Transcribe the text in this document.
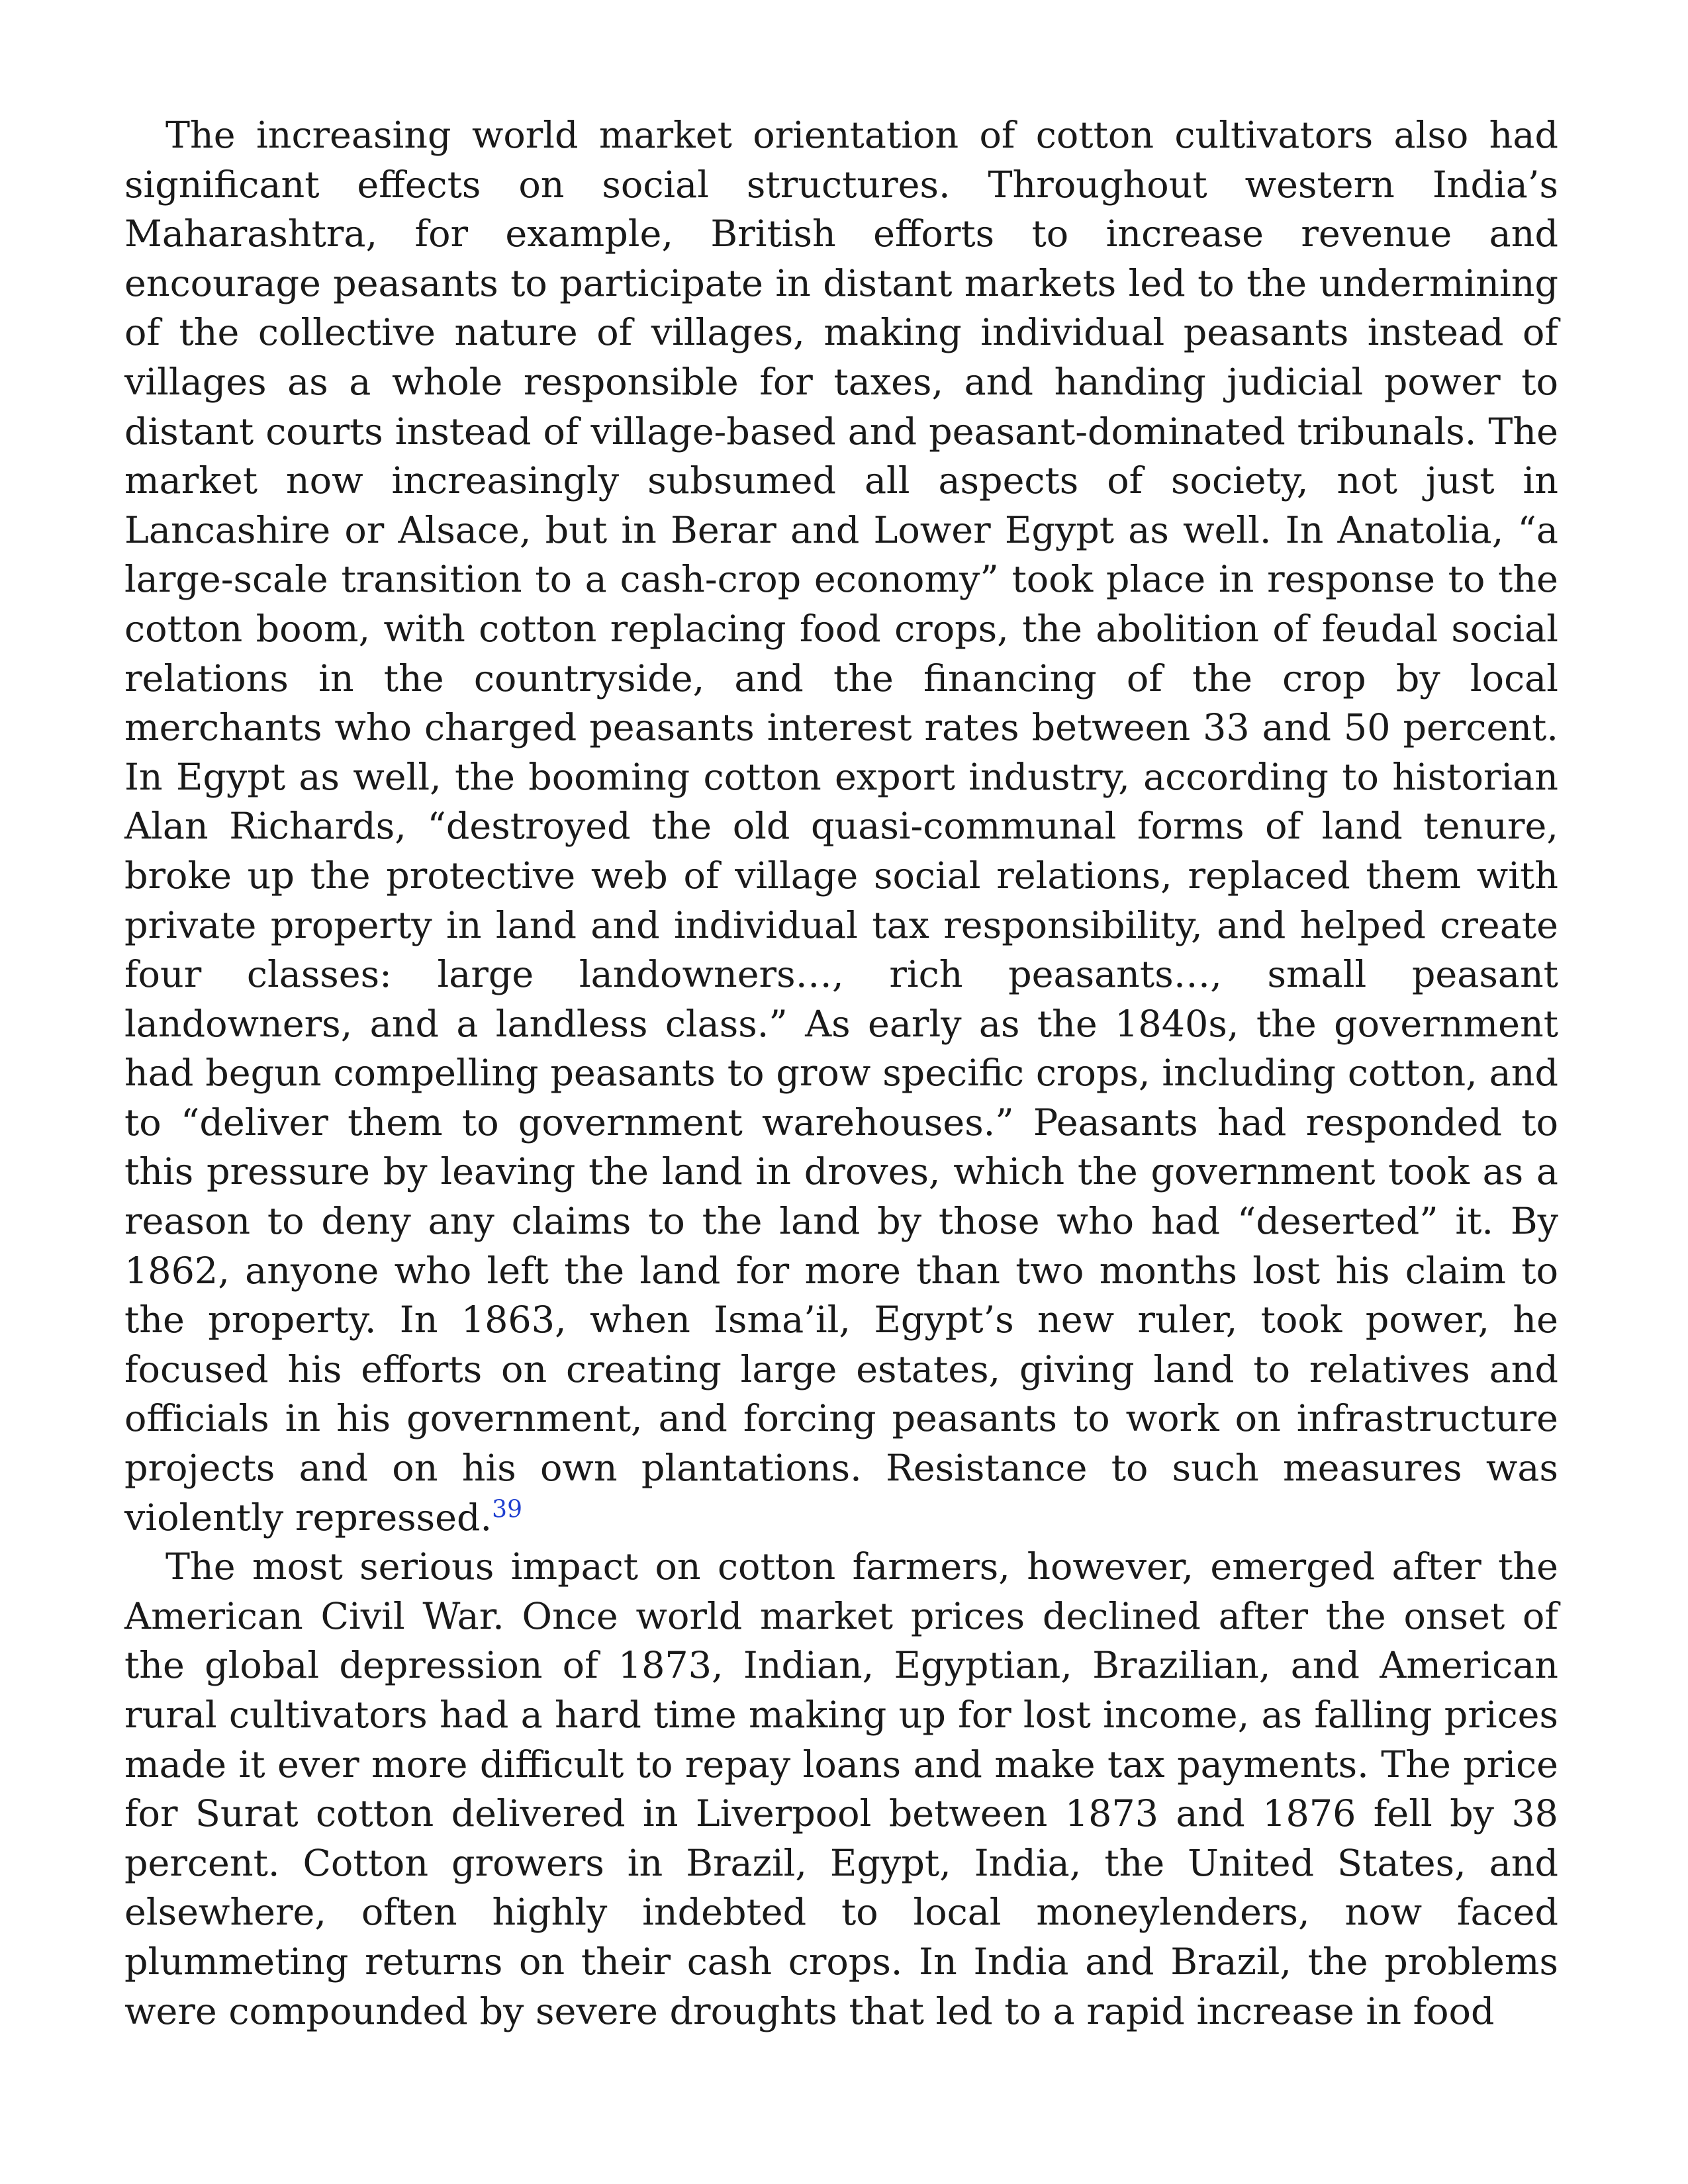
The increasing world market orientation of cotton cultivators also had significant effects on social structures. Throughout western India’s Maharashtra, for example, British efforts to increase revenue and encourage peasants to participate in distant markets led to the undermining of the collective nature of villages, making individual peasants instead of villages as a whole responsible for taxes, and handing judicial power to distant courts instead of village-based and peasant-dominated tribunals. The market now increasingly subsumed all aspects of society, not just in Lancashire or Alsace, but in Berar and Lower Egypt as well. In Anatolia, “a large-scale transition to a cash-crop economy” took place in response to the cotton boom, with cotton replacing food crops, the abolition of feudal social relations in the countryside, and the financing of the crop by local merchants who charged peasants interest rates between 33 and 50 percent. In Egypt as well, the booming cotton export industry, according to historian Alan Richards, “destroyed the old quasi-communal forms of land tenure, broke up the protective web of village social relations, replaced them with private property in land and individual tax responsibility, and helped create four classes: large landowners…, rich peasants…, small peasant landowners, and a landless class.” As early as the 1840s, the government had begun compelling peasants to grow specific crops, including cotton, and to “deliver them to government warehouses.” Peasants had responded to this pressure by leaving the land in droves, which the government took as a reason to deny any claims to the land by those who had “deserted” it. By 1862, anyone who left the land for more than two months lost his claim to the property. In 1863, when Isma’il, Egypt’s new ruler, took power, he focused his efforts on creating large estates, giving land to relatives and officials in his government, and forcing peasants to work on infrastructure projects and on his own plantations. Resistance to such measures was violently repressed.$^{39}$

The most serious impact on cotton farmers, however, emerged after the American Civil War. Once world market prices declined after the onset of the global depression of 1873, Indian, Egyptian, Brazilian, and American rural cultivators had a hard time making up for lost income, as falling prices made it ever more difficult to repay loans and make tax payments. The price for Surat cotton delivered in Liverpool between 1873 and 1876 fell by 38 percent. Cotton growers in Brazil, Egypt, India, the United States, and elsewhere, often highly indebted to local moneylenders, now faced plummeting returns on their cash crops. In India and Brazil, the problems were compounded by severe droughts that led to a rapid increase in food
